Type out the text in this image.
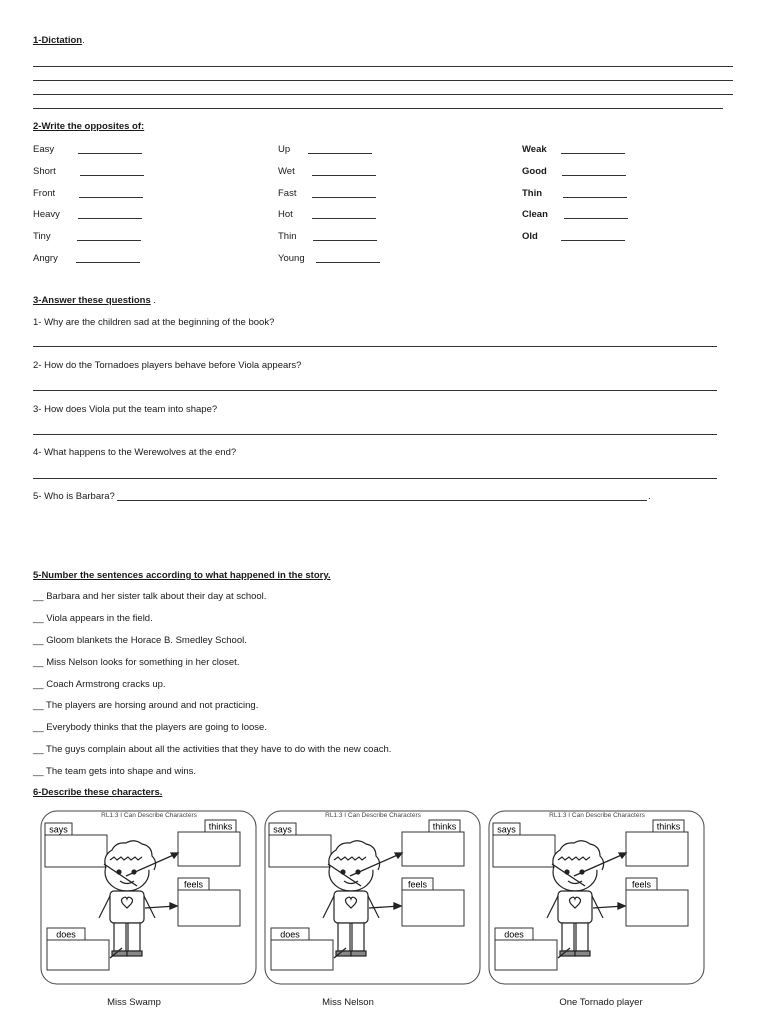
1-Dictation.
2-Write the opposites of:
Easy
Short
Front
Heavy
Tiny
Angry
Up
Wet
Fast
Hot
Thin
Young
Weak
Good
Thin
Clean
Old
3-Answer these questions .
1- Why are the children sad at the beginning of the book?
2- How do the Tornadoes players behave before Viola appears?
3- How does Viola put the team into shape?
4- What happens to the Werewolves at the end?
5- Who is Barbara?	.
5-Number the sentences according to what happened in the story.
__ Barbara and her sister talk about their day at school.
__ Viola appears in the field.
__ Gloom blankets the Horace B. Smedley School.
__ Miss Nelson looks for something in her closet.
__ Coach Armstrong cracks up.
__ The players are horsing around and not practicing.
__ Everybody thinks that the players are going to loose.
__ The guys complain about all the activities that they have to do with the new coach.
__ The team gets into shape and wins.
6-Describe these characters.
RL1.3 I Can Describe Characters
says	thinks
feels
does
RL1.3 I Can Describe Characters
says	thinks
feels
does
RL1.3 I Can Describe Characters
says	thinks
feels
does
Miss Swamp	Miss Nelson	One Tornado player
